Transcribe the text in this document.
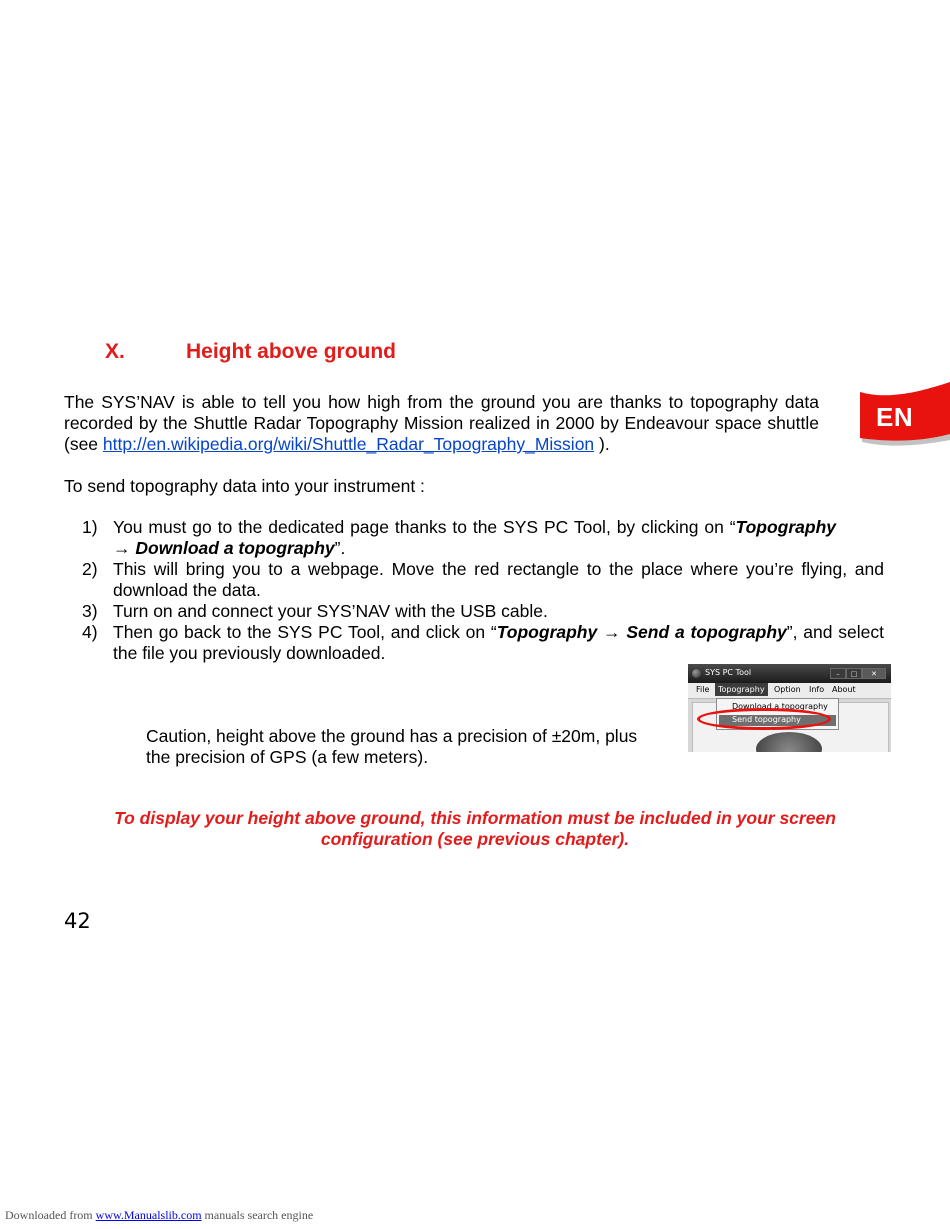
X.	Height above ground
EN
The SYS’NAV is able to tell you how high from the ground you are thanks to topography data recorded by the Shuttle Radar Topography Mission realized in 2000 by Endeavour space shuttle (see http://en.wikipedia.org/wiki/Shuttle_Radar_Topography_Mission ).
To send topography data into your instrument :
1) You must go to the dedicated page thanks to the SYS PC Tool, by clicking on “Topography → Download a topography”.
2) This will bring you to a webpage. Move the red rectangle to the place where you’re flying, and download the data.
3) Turn on and connect your SYS’NAV with the USB cable.
4) Then go back to the SYS PC Tool, and click on “Topography → Send a topography”, and select the file you previously downloaded.
SYS PC Tool	–	□	✕
File	Topography	Option Info About
Download a topography
Send topography
Caution, height above the ground has a precision of ±20m, plus the precision of GPS (a few meters).
To display your height above ground, this information must be included in your screen configuration (see previous chapter).
42
Downloaded from www.Manualslib.com manuals search engine
